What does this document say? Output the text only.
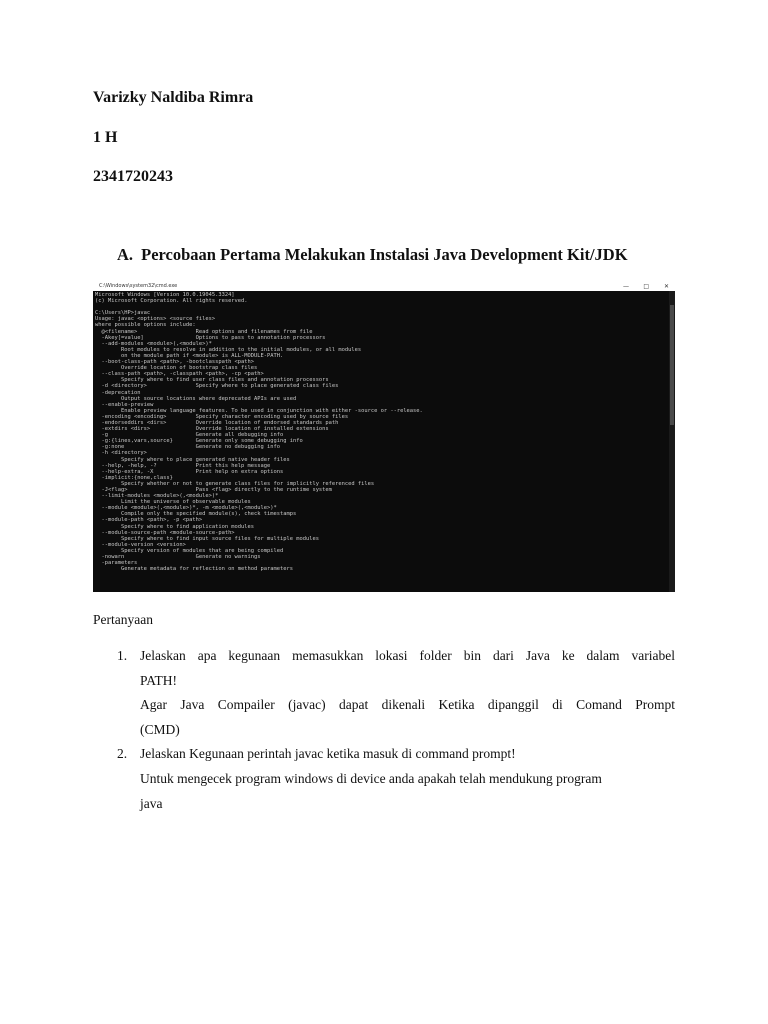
Varizky Naldiba Rimra
1 H
2341720243
A. Percobaan Pertama Melakukan Instalasi Java Development Kit/JDK
C:\Windows\system32\cmd.exe	— □ ✕
Microsoft Windows [Version 10.0.19045.3324]
(c) Microsoft Corporation. All rights reserved.

C:\Users\HP>javac
Usage: javac <options> <source files>
where possible options include:
@<filename>                  Read options and filenames from file
-Akey[=value]                Options to pass to annotation processors
--add-modules <module>(,<module>)*
Root modules to resolve in addition to the initial modules, or all modules
on the module path if <module> is ALL-MODULE-PATH.
--boot-class-path <path>, -bootclasspath <path>
Override location of bootstrap class files
--class-path <path>, -classpath <path>, -cp <path>
Specify where to find user class files and annotation processors
-d <directory>               Specify where to place generated class files
-deprecation
Output source locations where deprecated APIs are used
--enable-preview
Enable preview language features. To be used in conjunction with either -source or --release.
-encoding <encoding>         Specify character encoding used by source files
-endorseddirs <dirs>         Override location of endorsed standards path
-extdirs <dirs>              Override location of installed extensions
-g                           Generate all debugging info
-g:{lines,vars,source}       Generate only some debugging info
-g:none                      Generate no debugging info
-h <directory>
Specify where to place generated native header files
--help, -help, -?            Print this help message
--help-extra, -X             Print help on extra options
-implicit:{none,class}
Specify whether or not to generate class files for implicitly referenced files
-J<flag>                     Pass <flag> directly to the runtime system
--limit-modules <module>(,<module>)*
Limit the universe of observable modules
--module <module>(,<module>)*, -m <module>(,<module>)*
Compile only the specified module(s), check timestamps
--module-path <path>, -p <path>
Specify where to find application modules
--module-source-path <module-source-path>
Specify where to find input source files for multiple modules
--module-version <version>
Specify version of modules that are being compiled
-nowarn                      Generate no warnings
-parameters
Generate metadata for reflection on method parameters
Pertanyaan
1. Jelaskan apa kegunaan memasukkan lokasi folder bin dari Java ke dalam variabel
PATH!
Agar Java Compailer (javac) dapat dikenali Ketika dipanggil di Comand Prompt
(CMD)
2. Jelaskan Kegunaan perintah javac ketika masuk di command prompt!
Untuk mengecek program windows di device anda apakah telah mendukung program
java
